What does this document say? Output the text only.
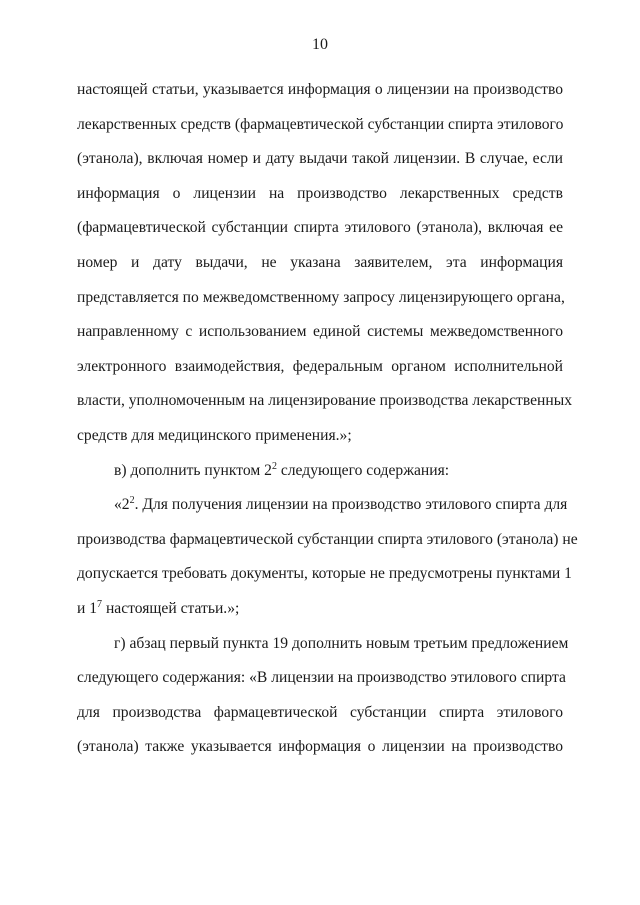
10
настоящей статьи, указывается информация о лицензии на производство
лекарственных средств (фармацевтической субстанции спирта этилового
(этанола), включая номер и дату выдачи такой лицензии. В случае, если
информация о лицензии на производство лекарственных средств
(фармацевтической субстанции спирта этилового (этанола), включая ее
номер и дату выдачи, не указана заявителем, эта информация
представляется по межведомственному запросу лицензирующего органа,
направленному с использованием единой системы межведомственного
электронного взаимодействия, федеральным органом исполнительной
власти, уполномоченным на лицензирование производства лекарственных
средств для медицинского применения.»;
в) дополнить пунктом $2^2$ следующего содержания:
«$2^2$. Для получения лицензии на производство этилового спирта для
производства фармацевтической субстанции спирта этилового (этанола) не
допускается требовать документы, которые не предусмотрены пунктами 1
и $1^7$ настоящей статьи.»;
г) абзац первый пункта 19 дополнить новым третьим предложением
следующего содержания: «В лицензии на производство этилового спирта
для производства фармацевтической субстанции спирта этилового
(этанола) также указывается информация о лицензии на производство
